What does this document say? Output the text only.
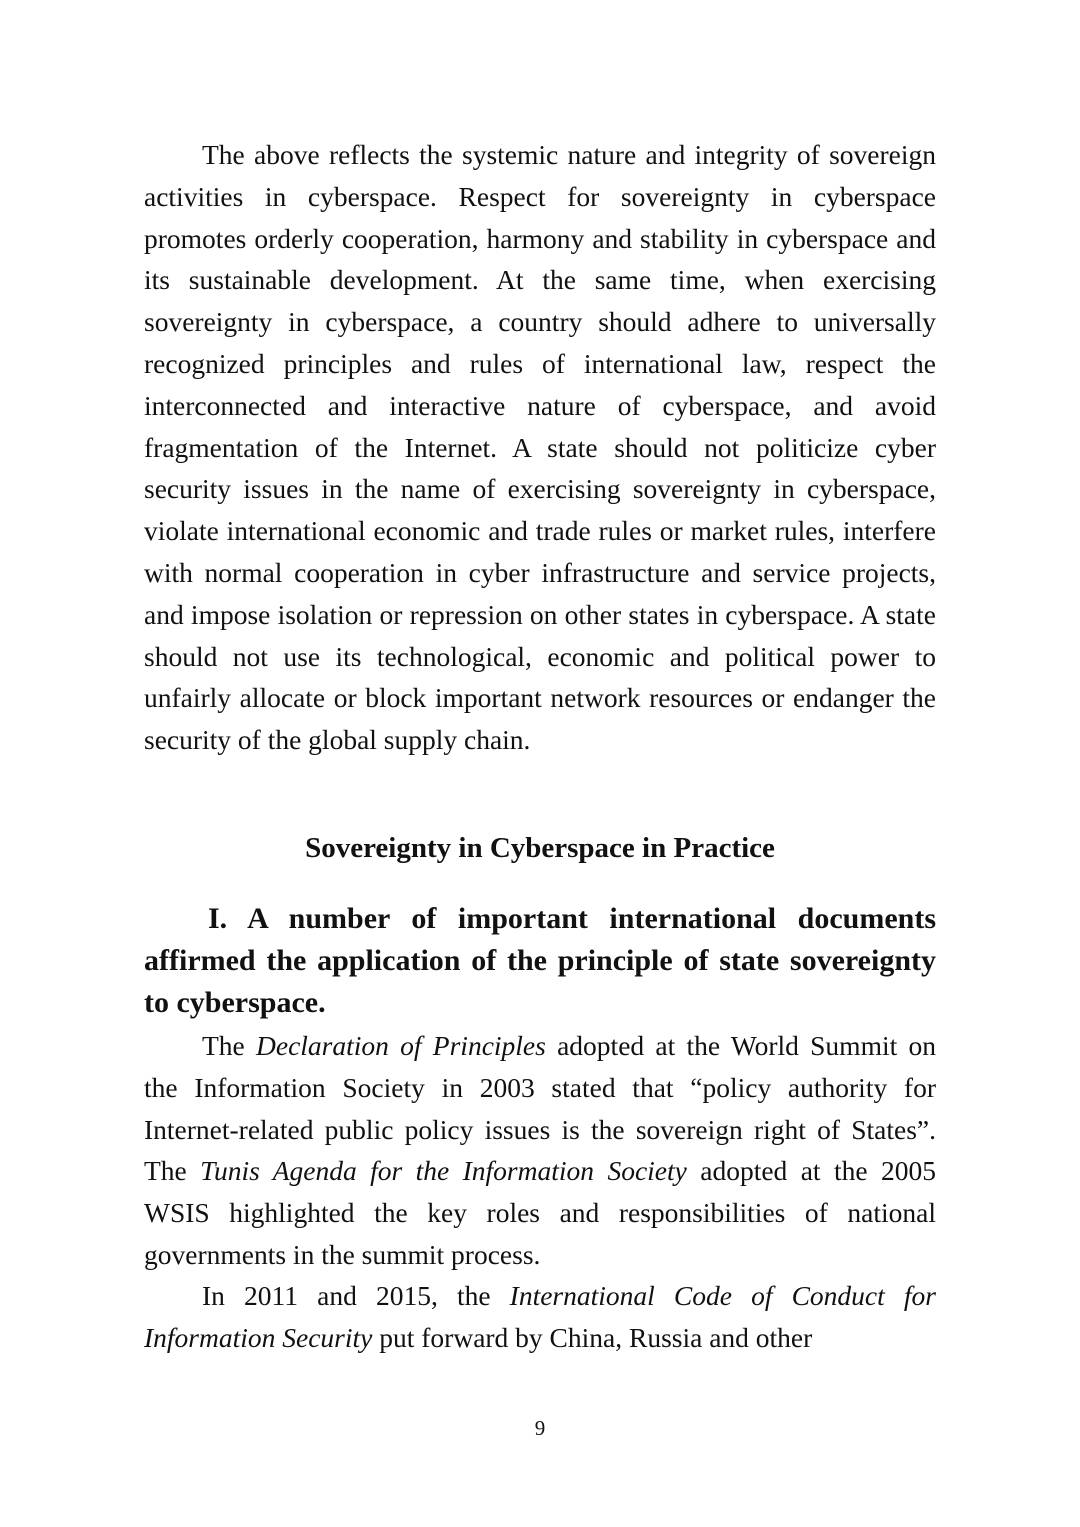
The above reflects the systemic nature and integrity of sovereign activities in cyberspace. Respect for sovereignty in cyberspace promotes orderly cooperation, harmony and stability in cyberspace and its sustainable development. At the same time, when exercising sovereignty in cyberspace, a country should adhere to universally recognized principles and rules of international law, respect the interconnected and interactive nature of cyberspace, and avoid fragmentation of the Internet. A state should not politicize cyber security issues in the name of exercising sovereignty in cyberspace, violate international economic and trade rules or market rules, interfere with normal cooperation in cyber infrastructure and service projects, and impose isolation or repression on other states in cyberspace. A state should not use its technological, economic and political power to unfairly allocate or block important network resources or endanger the security of the global supply chain.

Sovereignty in Cyberspace in Practice
I. A number of important international documents affirmed the application of the principle of state sovereignty to cyberspace.

The Declaration of Principles adopted at the World Summit on the Information Society in 2003 stated that “policy authority for Internet-related public policy issues is the sovereign right of States”. The Tunis Agenda for the Information Society adopted at the 2005 WSIS highlighted the key roles and responsibilities of national governments in the summit process.

In 2011 and 2015, the International Code of Conduct for Information Security put forward by China, Russia and other

9
